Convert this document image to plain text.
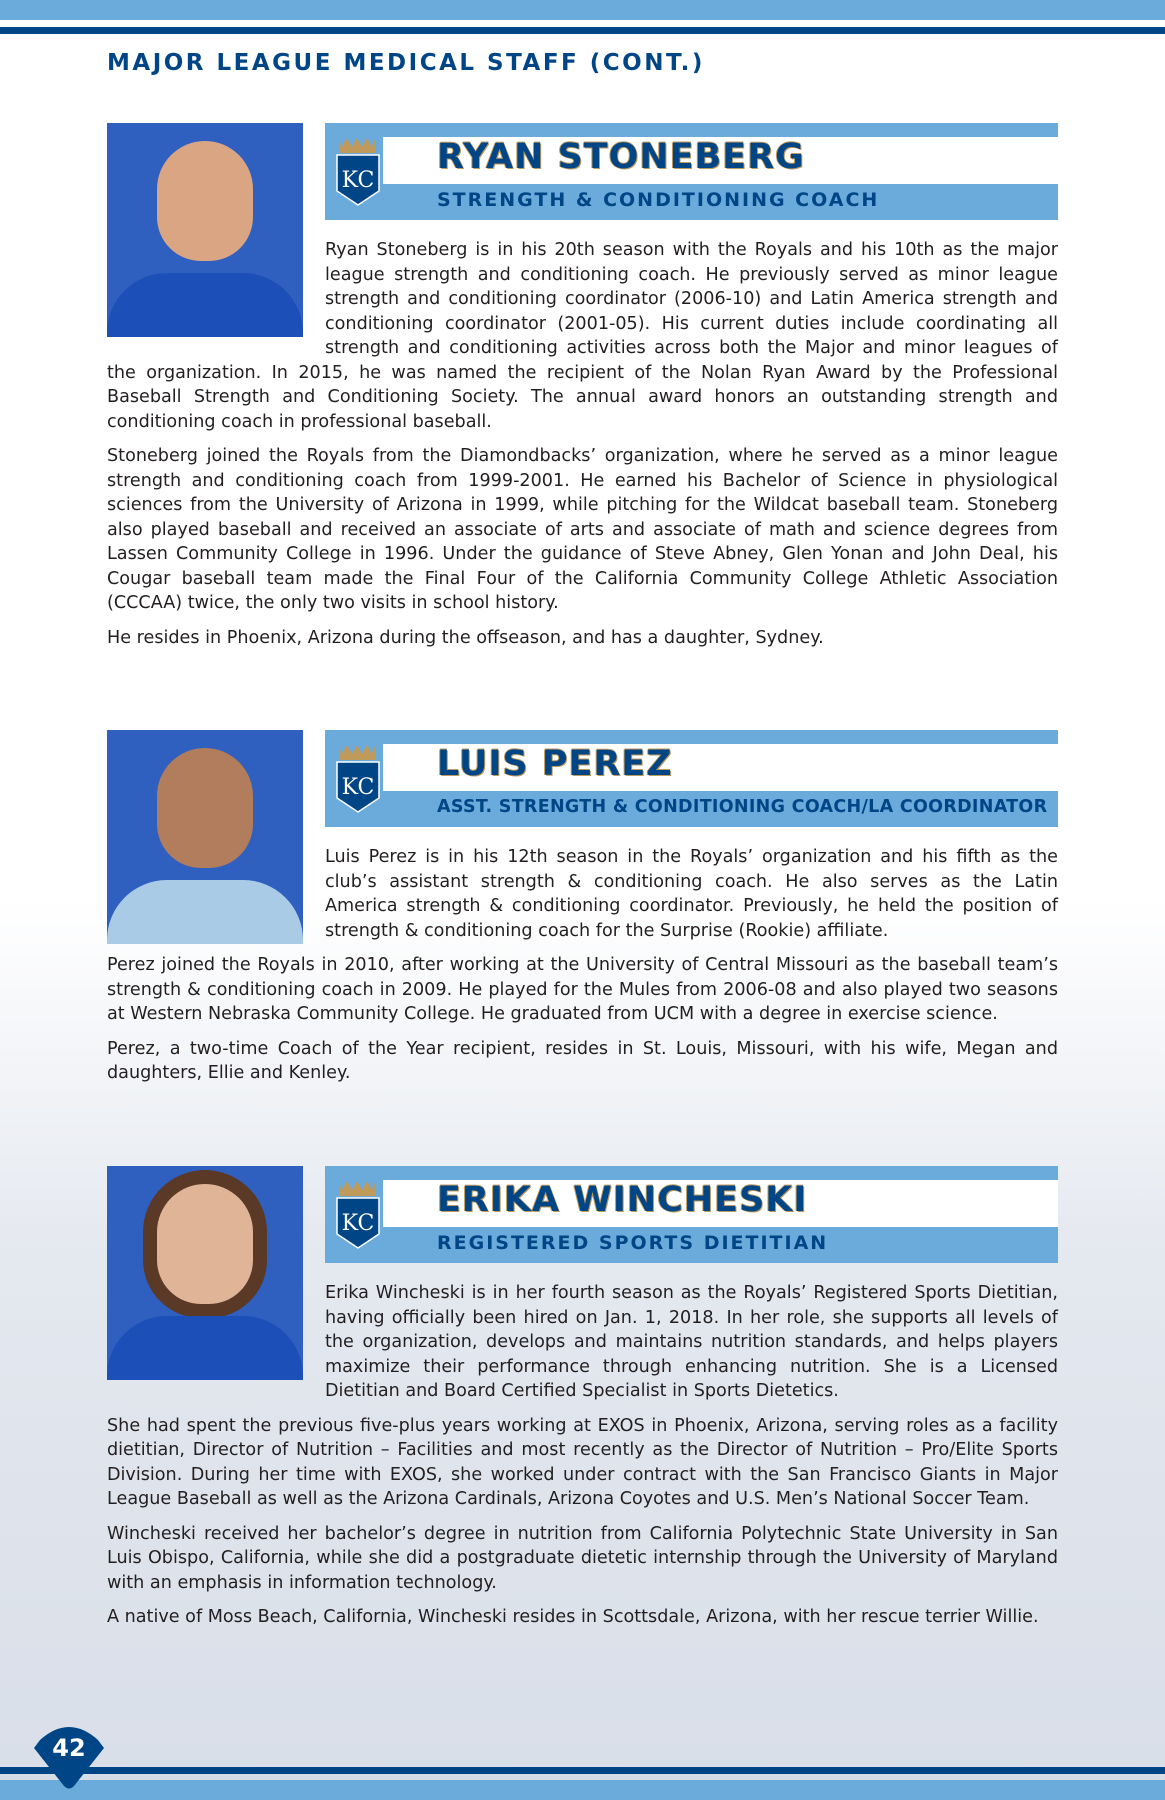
MAJOR LEAGUE MEDICAL STAFF (CONT.)
KC
RYAN STONEBERG
STRENGTH & CONDITIONING COACH

Ryan Stoneberg is in his 20th season with the Royals and his 10th as the major league strength and conditioning coach. He previously served as minor league strength and conditioning coordinator (2006-10) and Latin America strength and conditioning coordinator (2001-05). His current duties include coordinating all strength and conditioning activities across both the Major and minor leagues of the organization. In 2015, he was named the recipient of the Nolan Ryan Award by the Professional Baseball Strength and Conditioning Society. The annual award honors an outstanding strength and conditioning coach in professional baseball.

Stoneberg joined the Royals from the Diamondbacks’ organization, where he served as a minor league strength and conditioning coach from 1999-2001. He earned his Bachelor of Science in physiological sciences from the University of Arizona in 1999, while pitching for the Wildcat baseball team. Stoneberg also played baseball and received an associate of arts and associate of math and science degrees from Lassen Community College in 1996. Under the guidance of Steve Abney, Glen Yonan and John Deal, his Cougar baseball team made the Final Four of the California Community College Athletic Association (CCCAA) twice, the only two visits in school history.

He resides in Phoenix, Arizona during the offseason, and has a daughter, Sydney.

KC
LUIS PEREZ
ASST. STRENGTH & CONDITIONING COACH/LA COORDINATOR

Luis Perez is in his 12th season in the Royals’ organization and his fifth as the club’s assistant strength & conditioning coach. He also serves as the Latin America strength & conditioning coordinator. Previously, he held the position of strength & conditioning coach for the Surprise (Rookie) affiliate.

Perez joined the Royals in 2010, after working at the University of Central Missouri as the baseball team’s strength & conditioning coach in 2009. He played for the Mules from 2006-08 and also played two seasons at Western Nebraska Community College. He graduated from UCM with a degree in exercise science.

Perez, a two-time Coach of the Year recipient, resides in St. Louis, Missouri, with his wife, Megan and daughters, Ellie and Kenley.

KC
ERIKA WINCHESKI
REGISTERED SPORTS DIETITIAN

Erika Wincheski is in her fourth season as the Royals’ Registered Sports Dietitian, having officially been hired on Jan. 1, 2018. In her role, she supports all levels of the organization, develops and maintains nutrition standards, and helps players maximize their performance through enhancing nutrition. She is a Licensed Dietitian and Board Certified Specialist in Sports Dietetics.

She had spent the previous five-plus years working at EXOS in Phoenix, Arizona, serving roles as a facility dietitian, Director of Nutrition – Facilities and most recently as the Director of Nutrition – Pro/Elite Sports Division. During her time with EXOS, she worked under contract with the San Francisco Giants in Major League Baseball as well as the Arizona Cardinals, Arizona Coyotes and U.S. Men’s National Soccer Team.

Wincheski received her bachelor’s degree in nutrition from California Polytechnic State University in San Luis Obispo, California, while she did a postgraduate dietetic internship through the University of Maryland with an emphasis in information technology.

A native of Moss Beach, California, Wincheski resides in Scottsdale, Arizona, with her rescue terrier Willie.

42
